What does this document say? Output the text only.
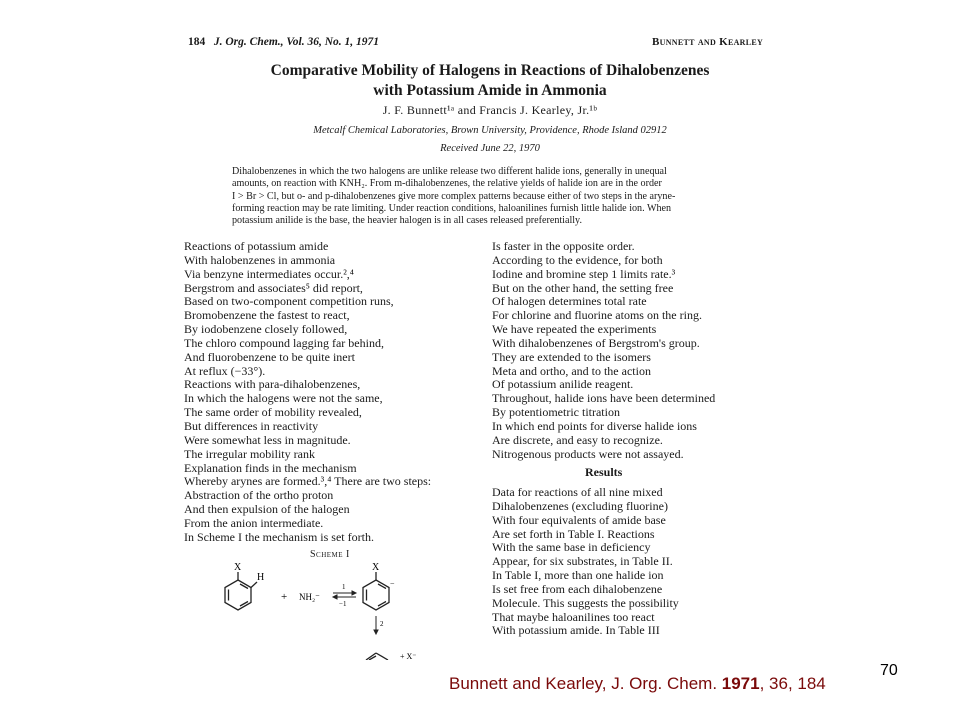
184 J. Org. Chem., Vol. 36, No. 1, 1971	Bunnett and Kearley
Comparative Mobility of Halogens in Reactions of Dihalobenzenes
with Potassium Amide in Ammonia
J. F. Bunnett¹ᵃ and Francis J. Kearley, Jr.¹ᵇ
Metcalf Chemical Laboratories, Brown University, Providence, Rhode Island 02912
Received June 22, 1970
Dihalobenzenes in which the two halogens are unlike release two different halide ions, generally in unequal
amounts, on reaction with KNH₂. From m-dihalobenzenes, the relative yields of halide ion are in the order
I > Br > Cl, but o- and p-dihalobenzenes give more complex patterns because either of two steps in the aryne-
forming reaction may be rate limiting. Under reaction conditions, haloanilines furnish little halide ion. When
potassium anilide is the base, the heavier halogen is in all cases released preferentially.
Reactions of potassium amide
With halobenzenes in ammonia
Via benzyne intermediates occur.²,⁴
Bergstrom and associates⁵ did report,
Based on two-component competition runs,
Bromobenzene the fastest to react,
By iodobenzene closely followed,
The chloro compound lagging far behind,
And fluorobenzene to be quite inert
At reflux (−33°).
Reactions with para-dihalobenzenes,
In which the halogens were not the same,
The same order of mobility revealed,
But differences in reactivity
Were somewhat less in magnitude.
The irregular mobility rank
Explanation finds in the mechanism
Whereby arynes are formed.³,⁴ There are two steps:
Abstraction of the ortho proton
And then expulsion of the halogen
From the anion intermediate.
In Scheme I the mechanism is set forth.
Is faster in the opposite order.
According to the evidence, for both
Iodine and bromine step 1 limits rate.³
But on the other hand, the setting free
Of halogen determines total rate
For chlorine and fluorine atoms on the ring.
We have repeated the experiments
With dihalobenzenes of Bergstrom's group.
They are extended to the isomers
Meta and ortho, and to the action
Of potassium anilide reagent.
Throughout, halide ions have been determined
By potentiometric titration
In which end points for diverse halide ions
Are discrete, and easy to recognize.
Nitrogenous products were not assayed.
Results
Data for reactions of all nine mixed
Dihalobenzenes (excluding fluorine)
With four equivalents of amide base
Are set forth in Table I. Reactions
With the same base in deficiency
Appear, for six substrates, in Table II.
In Table I, more than one halide ion
Is set free from each dihalobenzene
Molecule. This suggests the possibility
That maybe haloanilines too react
With potassium amide. In Table III
Scheme I
X
H
+ NH₂⁻
1
−1
X
−
2
+ X⁻
70
Bunnett and Kearley, J. Org. Chem. 1971, 36, 184
